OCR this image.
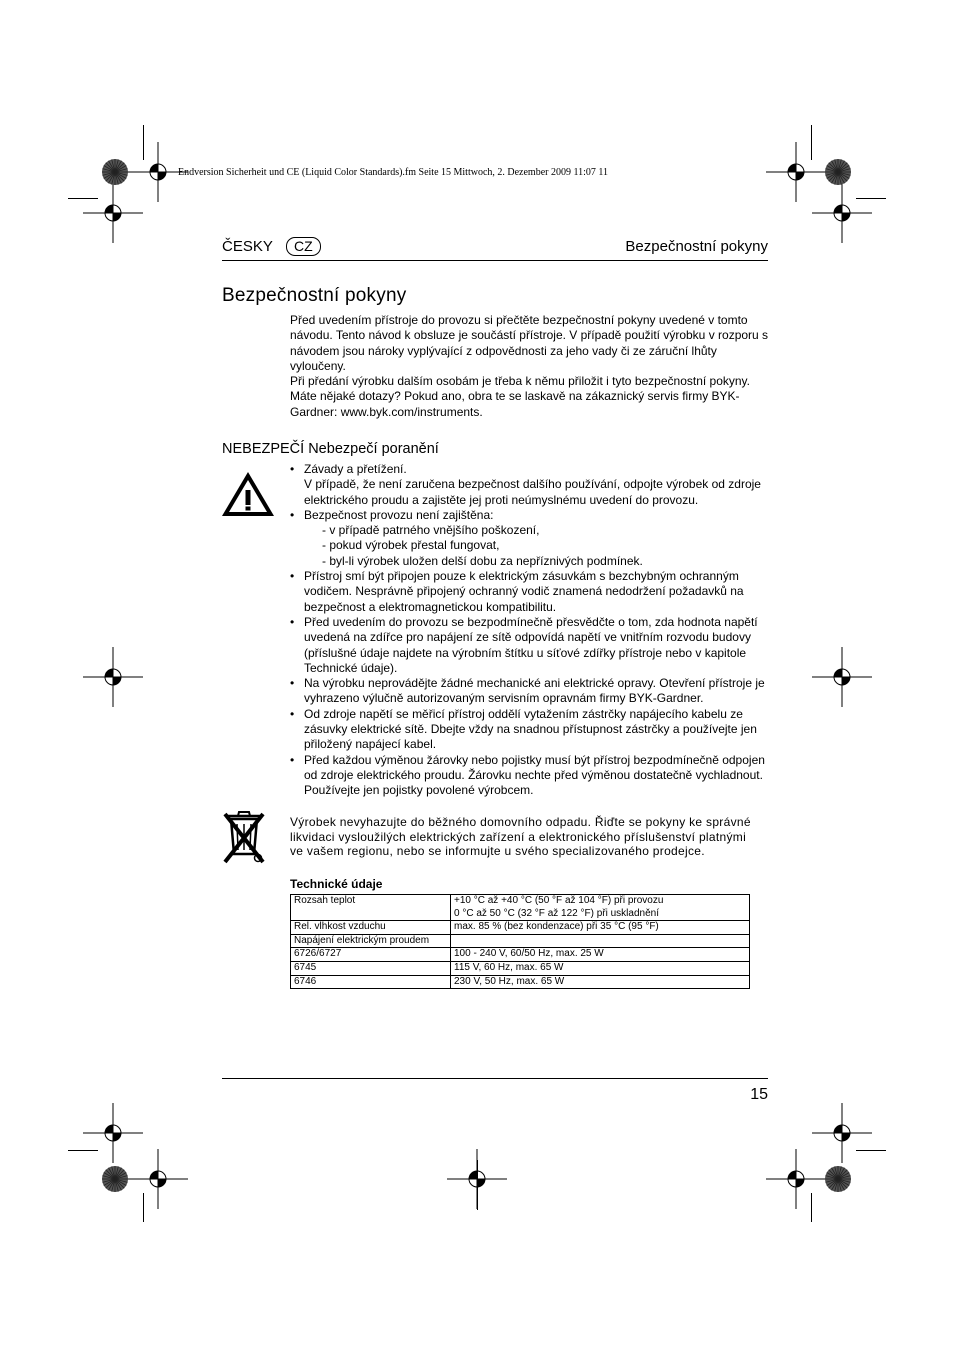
Endversion Sicherheit und CE (Liquid Color Standards).fm Seite 15 Mittwoch, 2. Dezember 2009 11:07 11
ČESKY	CZ	Bezpečnostní pokyny
Bezpečnostní pokyny

Před uvedením přístroje do provozu si přečtěte bezpečnostní pokyny uvedené v tomto návodu. Tento návod k obsluze je součástí přístroje. V případě použití výrobku v rozporu s návodem jsou nároky vyplývající z odpovědnosti za jeho vady či ze záruční lhůty vyloučeny.

Při předání výrobku dalším osobám je třeba k němu přiložit i tyto bezpečnostní pokyny.

Máte nějaké dotazy? Pokud ano, obra te se laskavě na zákaznický servis firmy BYK-Gardner: www.byk.com/instruments.

NEBEZPEČÍ Nebezpečí poranění
• Závady a přetížení.
V případě, že není zaručena bezpečnost dalšího používání, odpojte výrobek od zdroje elektrického proudu a zajistěte jej proti neúmyslnému uvedení do provozu.
• Bezpečnost provozu není zajištěna:
- v případě patrného vnějšího poškození,
- pokud výrobek přestal fungovat,
- byl-li výrobek uložen delší dobu za nepříznivých podmínek.
• Přístroj smí být připojen pouze k elektrickým zásuvkám s bezchybným ochranným vodičem. Nesprávně připojený ochranný vodič znamená nedodržení požadavků na bezpečnost a elektromagnetickou kompatibilitu.
• Před uvedením do provozu se bezpodmínečně přesvědčte o tom, zda hodnota napětí uvedená na zdířce pro napájení ze sítě odpovídá napětí ve vnitřním rozvodu budovy (příslušné údaje najdete na výrobním štítku u síťové zdířky přístroje nebo v kapitole Technické údaje).
• Na výrobku neprovádějte žádné mechanické ani elektrické opravy. Otevření přístroje je vyhrazeno výlučně autorizovaným servisním opravnám firmy BYK-Gardner.
• Od zdroje napětí se měřicí přístroj oddělí vytažením zástrčky napájecího kabelu ze zásuvky elektrické sítě. Dbejte vždy na snadnou přístupnost zástrčky a používejte jen přiložený napájecí kabel.
• Před každou výměnou žárovky nebo pojistky musí být přístroj bezpodmínečně odpojen od zdroje elektrického proudu. Žárovku nechte před výměnou dostatečně vychladnout. Používejte jen pojistky povolené výrobcem.

Výrobek nevyhazujte do běžného domovního odpadu. Řiďte se pokyny ke správné likvidaci vysloužilých elektrických zařízení a elektronického příslušenství platnými ve vašem regionu, nebo se informujte u svého specializovaného prodejce.

Technické údaje

Rozsah teplot	+10 °C až +40 °C (50 °F až 104 °F) při provozu
0 °C až 50 °C (32 °F až 122 °F) při uskladnění

Rel. vlhkost vzduchu	max. 85 % (bez kondenzace) při 35 °C (95 °F)
Napájení elektrickým proudem	
6726/6727	100 - 240 V, 60/50 Hz, max. 25 W
6745	115 V, 60 Hz, max. 65 W
6746	230 V, 50 Hz, max. 65 W
15
